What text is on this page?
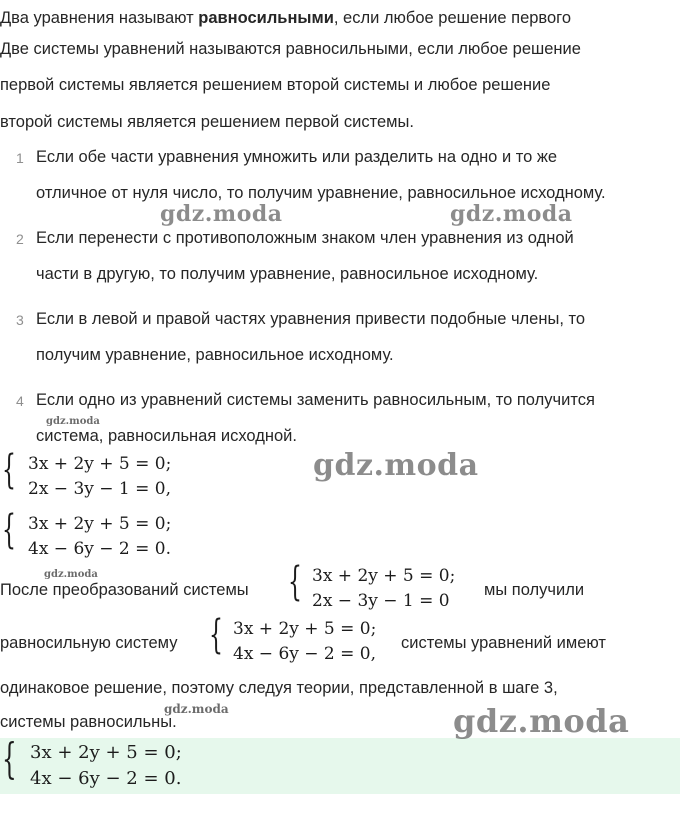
Два уравнения называют равносильными, если любое решение первого
Две системы уравнений называются равносильными, если любое решение
первой системы является решением второй системы и любое решение
второй системы является решением первой системы.
1 Если обе части уравнения умножить или разделить на одно и то же
отличное от нуля число, то получим уравнение, равносильное исходному.
2 Если перенести с противоположным знаком член уравнения из одной
части в другую, то получим уравнение, равносильное исходному.
3 Если в левой и правой частях уравнения привести подобные члены, то
получим уравнение, равносильное исходному.
4 Если одно из уравнений системы заменить равносильным, то получится
система, равносильная исходной.
{ 3x + 2y + 5 = 0;
2x − 3y − 1 = 0,
{ 3x + 2y + 5 = 0;
4x − 6y − 2 = 0.
После преобразований системы { 3x + 2y + 5 = 0;
2x − 3y − 1 = 0
мы получили
равносильную систему { 3x + 2y + 5 = 0;
4x − 6y − 2 = 0,
системы уравнений имеют
одинаковое решение, поэтому следуя теории, представленной в шаге 3,
системы равносильны.
{ 3x + 2y + 5 = 0;
4x − 6y − 2 = 0.
gdz.moda	gdz.moda
gdz.moda
gdz.moda
gdz.moda
gdz.moda	gdz.moda
